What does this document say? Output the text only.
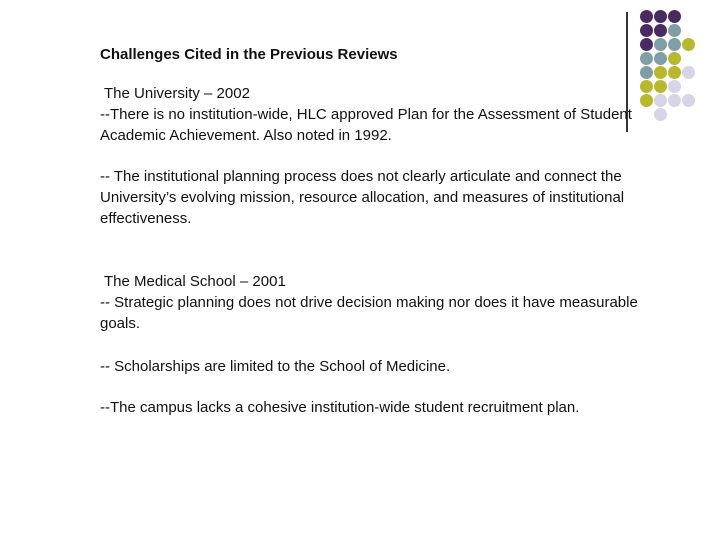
Challenges Cited in the Previous Reviews
The University – 2002
--There is no institution-wide, HLC approved Plan for the Assessment of Student Academic Achievement. Also noted in 1992.
-- The institutional planning process does not clearly articulate and connect the University’s evolving mission, resource allocation, and measures of institutional effectiveness.
The Medical School – 2001
-- Strategic planning does not drive decision making nor does it have measurable goals.
-- Scholarships are limited to the School of Medicine.
--The campus lacks a cohesive institution-wide student recruitment plan.
